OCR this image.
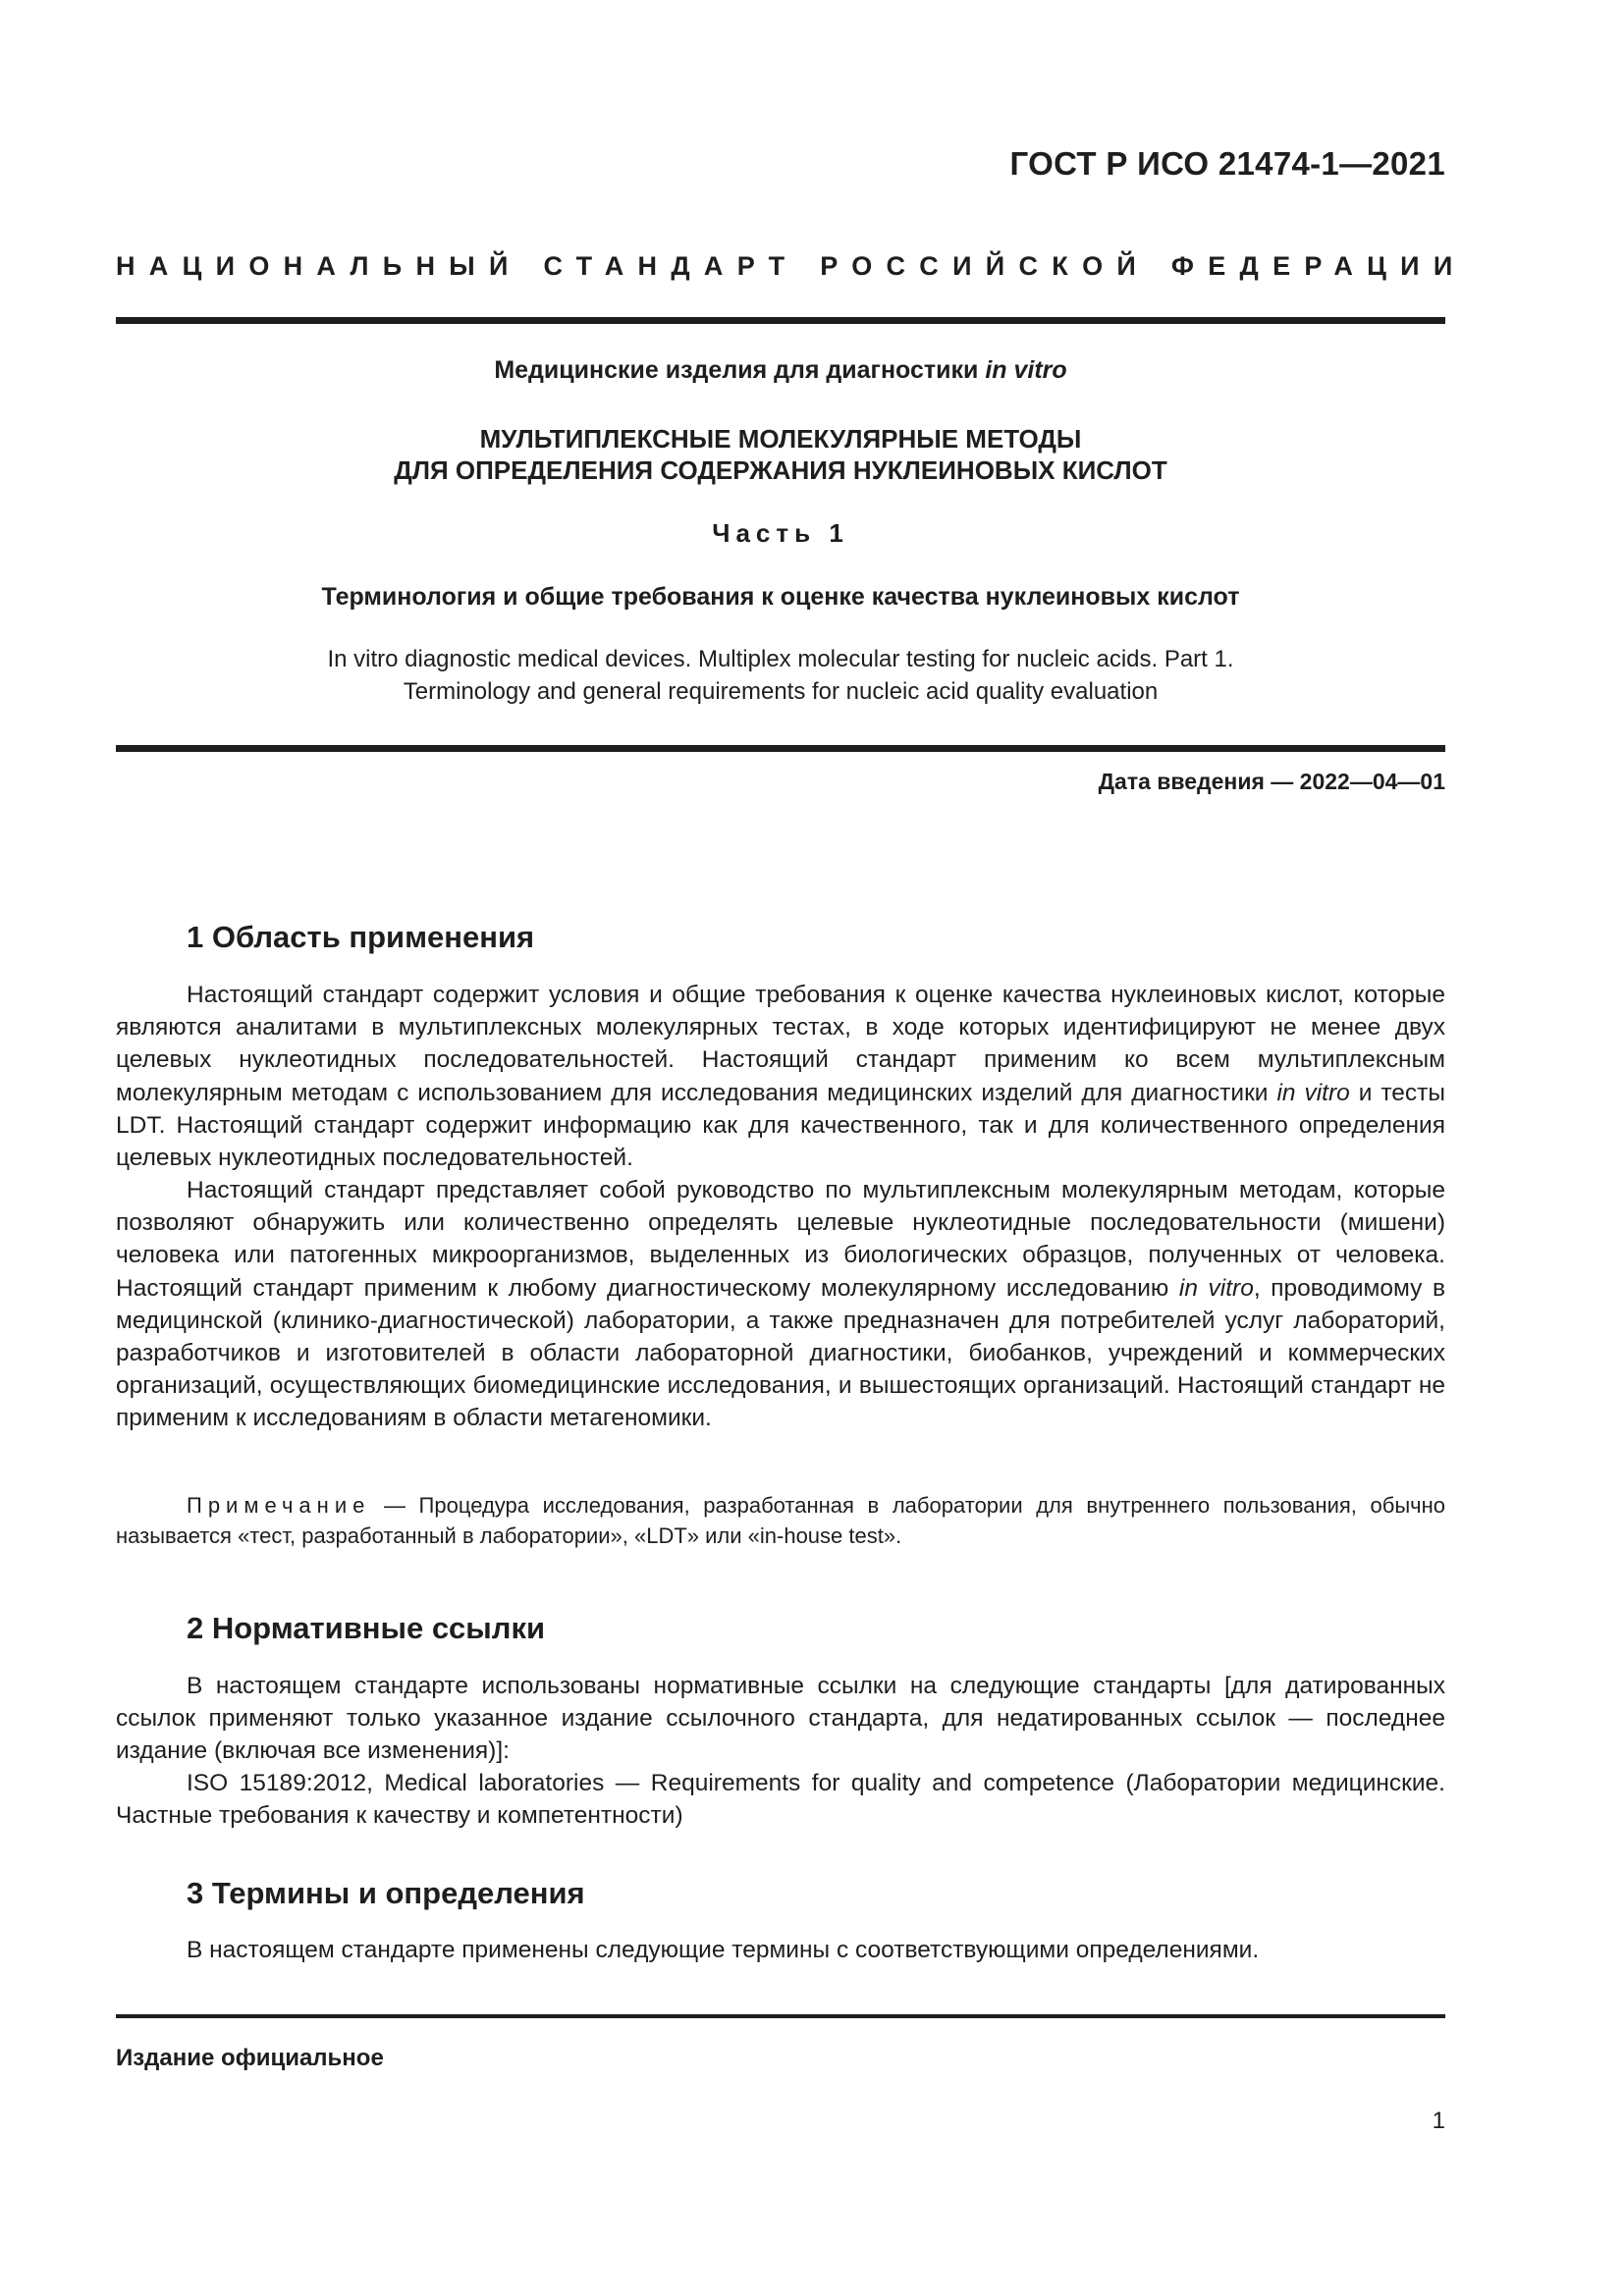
ГОСТ Р ИСО 21474-1—2021
НАЦИОНАЛЬНЫЙ СТАНДАРТ РОССИЙСКОЙ ФЕДЕРАЦИИ
Медицинские изделия для диагностики in vitro
МУЛЬТИПЛЕКСНЫЕ МОЛЕКУЛЯРНЫЕ МЕТОДЫ
ДЛЯ ОПРЕДЕЛЕНИЯ СОДЕРЖАНИЯ НУКЛЕИНОВЫХ КИСЛОТ
Часть 1
Терминология и общие требования к оценке качества нуклеиновых кислот
In vitro diagnostic medical devices. Multiplex molecular testing for nucleic acids. Part 1.
Terminology and general requirements for nucleic acid quality evaluation
Дата введения — 2022—04—01
1 Область применения

Настоящий стандарт содержит условия и общие требования к оценке качества нуклеиновых кислот, которые являются аналитами в мультиплексных молекулярных тестах, в ходе которых идентифицируют не менее двух целевых нуклеотидных последовательностей. Настоящий стандарт применим ко всем мультиплексным молекулярным методам с использованием для исследования медицинских изделий для диагностики in vitro и тесты LDT. Настоящий стандарт содержит информацию как для качественного, так и для количественного определения целевых нуклеотидных последовательностей.

Настоящий стандарт представляет собой руководство по мультиплексным молекулярным методам, которые позволяют обнаружить или количественно определять целевые нуклеотидные последовательности (мишени) человека или патогенных микроорганизмов, выделенных из биологических образцов, полученных от человека. Настоящий стандарт применим к любому диагностическому молекулярному исследованию in vitro, проводимому в медицинской (клинико-диагностической) лаборатории, а также предназначен для потребителей услуг лабораторий, разработчиков и изготовителей в области лабораторной диагностики, биобанков, учреждений и коммерческих организаций, осуществляющих биомедицинские исследования, и вышестоящих организаций. Настоящий стандарт не применим к исследованиям в области метагеномики.

Примечание — Процедура исследования, разработанная в лаборатории для внутреннего пользования, обычно называется «тест, разработанный в лаборатории», «LDT» или «in-house test».
2 Нормативные ссылки

В настоящем стандарте использованы нормативные ссылки на следующие стандарты [для датированных ссылок применяют только указанное издание ссылочного стандарта, для недатированных ссылок — последнее издание (включая все изменения)]:

ISO 15189:2012, Medical laboratories — Requirements for quality and competence (Лаборатории медицинские. Частные требования к качеству и компетентности)

3 Термины и определения

В настоящем стандарте применены следующие термины с соответствующими определениями.

Издание официальное
1
